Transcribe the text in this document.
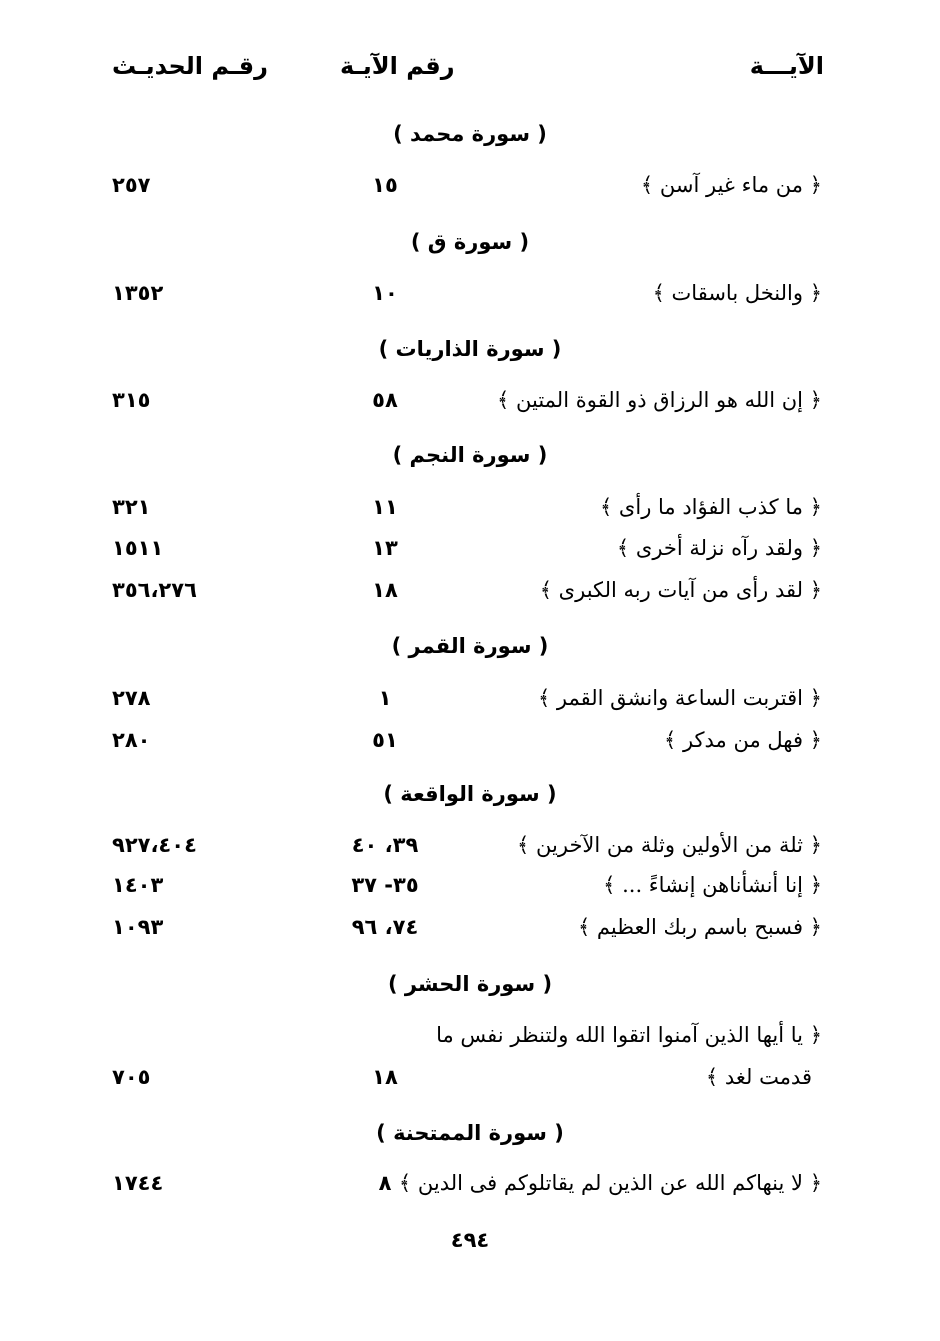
الآيـــة
رقم الآيـة
رقـم الحديـث
( سورة محمد )
﴿ من ماء غير آسن ﴾
١٥
٢٥٧
( سورة ق )
﴿ والنخل باسقات ﴾
١٠
١٣٥٢
( سورة الذاريات )
﴿ إن الله هو الرزاق ذو القوة المتين ﴾
٥٨
٣١٥
( سورة النجم )
﴿ ما كذب الفؤاد ما رأى ﴾
١١
٣٢١
﴿ ولقد رآه نزلة أخرى ﴾
١٣
١٥١١
﴿ لقد رأى من آيات ربه الكبرى ﴾
١٨
٣٥٦،٢٧٦
( سورة القمر )
﴿ اقتربت الساعة وانشق القمر ﴾
١
٢٧٨
﴿ فهل من مدكر ﴾
٥١
٢٨٠
( سورة الواقعة )
﴿ ثلة من الأولين وثلة من الآخرين ﴾
٣٩، ٤٠
٩٢٧،٤٠٤
﴿ إنا أنشأناهن إنشاءً ... ﴾
٣٥- ٣٧
١٤٠٣
﴿ فسبح باسم ربك العظيم ﴾
٧٤، ٩٦
١٠٩٣
( سورة الحشر )
﴿ يا أيها الذين آمنوا اتقوا الله ولتنظر نفس ما
قدمت لغد ﴾
١٨
٧٠٥
( سورة الممتحنة )
﴿ لا ينهاكم الله عن الذين لم يقاتلوكم فى الدين ﴾
٨
١٧٤٤
٤٩٤
